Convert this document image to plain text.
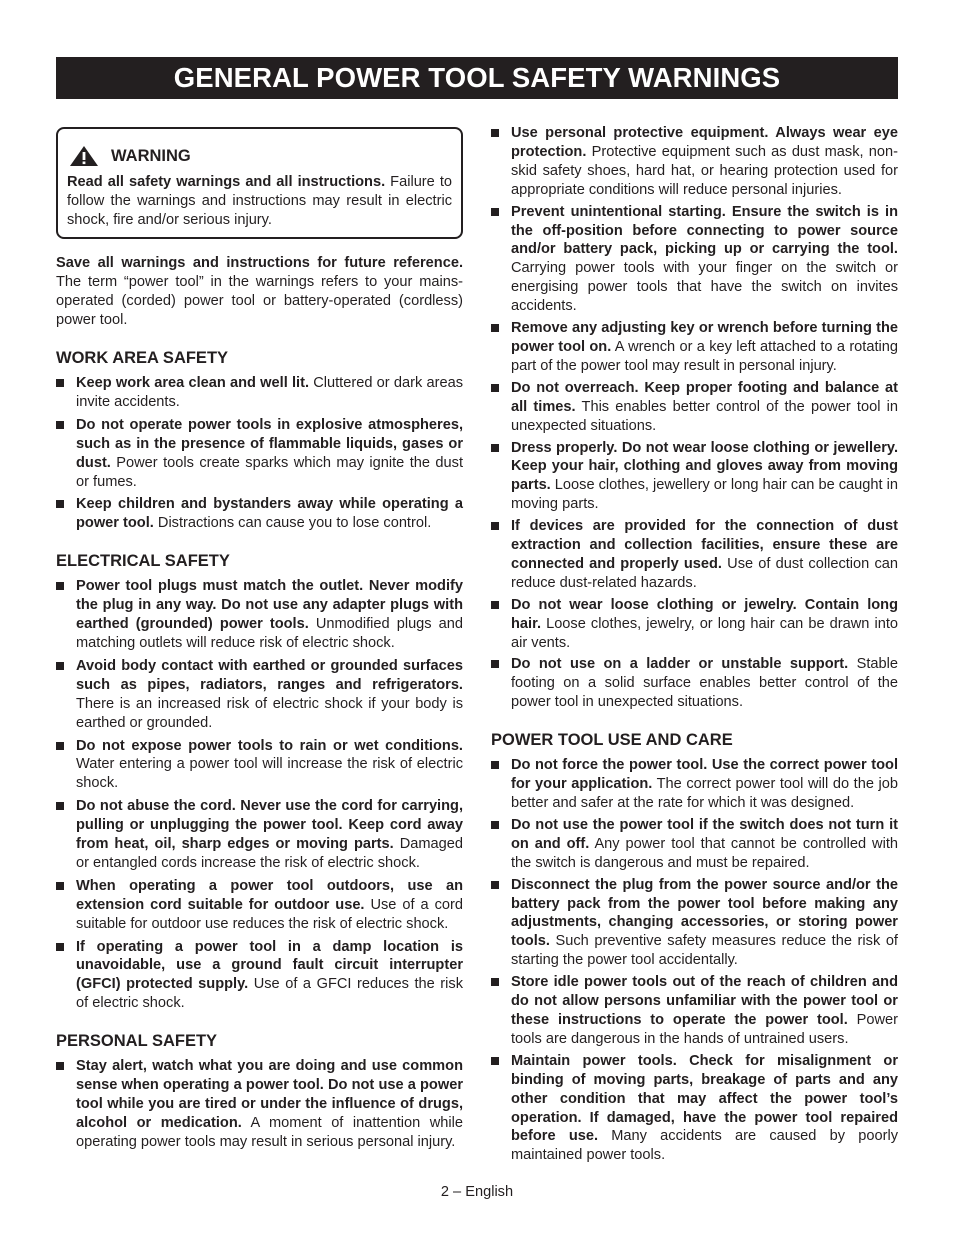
GENERAL POWER TOOL SAFETY WARNINGS
WARNING
Read all safety warnings and all instructions. Failure to follow the warnings and instructions may result in electric shock, fire and/or serious injury.
Save all warnings and instructions for future reference. The term “power tool” in the warnings refers to your mains-operated (corded) power tool or battery-operated (cordless) power tool.
WORK AREA SAFETY
Keep work area clean and well lit. Cluttered or dark areas invite accidents.
Do not operate power tools in explosive atmospheres, such as in the presence of flammable liquids, gases or dust. Power tools create sparks which may ignite the dust or fumes.
Keep children and bystanders away while operating a power tool. Distractions can cause you to lose control.
ELECTRICAL SAFETY
Power tool plugs must match the outlet. Never modify the plug in any way. Do not use any adapter plugs with earthed (grounded) power tools. Unmodified plugs and matching outlets will reduce risk of electric shock.
Avoid body contact with earthed or grounded surfaces such as pipes, radiators, ranges and refrigerators. There is an increased risk of electric shock if your body is earthed or grounded.
Do not expose power tools to rain or wet conditions. Water entering a power tool will increase the risk of electric shock.
Do not abuse the cord. Never use the cord for carrying, pulling or unplugging the power tool. Keep cord away from heat, oil, sharp edges or moving parts. Damaged or entangled cords increase the risk of electric shock.
When operating a power tool outdoors, use an extension cord suitable for outdoor use. Use of a cord suitable for outdoor use reduces the risk of electric shock.
If operating a power tool in a damp location is unavoidable, use a ground fault circuit interrupter (GFCI) protected supply. Use of a GFCI reduces the risk of electric shock.
PERSONAL SAFETY
Stay alert, watch what you are doing and use common sense when operating a power tool. Do not use a power tool while you are tired or under the influence of drugs, alcohol or medication. A moment of inattention while operating power tools may result in serious personal injury.
Use personal protective equipment. Always wear eye protection. Protective equipment such as dust mask, non-skid safety shoes, hard hat, or hearing protection used for appropriate conditions will reduce personal injuries.
Prevent unintentional starting. Ensure the switch is in the off-position before connecting to power source and/or battery pack, picking up or carrying the tool. Carrying power tools with your finger on the switch or energising power tools that have the switch on invites accidents.
Remove any adjusting key or wrench before turning the power tool on. A wrench or a key left attached to a rotating part of the power tool may result in personal injury.
Do not overreach. Keep proper footing and balance at all times. This enables better control of the power tool in unexpected situations.
Dress properly. Do not wear loose clothing or jewellery. Keep your hair, clothing and gloves away from moving parts. Loose clothes, jewellery or long hair can be caught in moving parts.
If devices are provided for the connection of dust extraction and collection facilities, ensure these are connected and properly used. Use of dust collection can reduce dust-related hazards.
Do not wear loose clothing or jewelry. Contain long hair. Loose clothes, jewelry, or long hair can be drawn into air vents.
Do not use on a ladder or unstable support. Stable footing on a solid surface enables better control of the power tool in unexpected situations.
POWER TOOL USE AND CARE
Do not force the power tool. Use the correct power tool for your application. The correct power tool will do the job better and safer at the rate for which it was designed.
Do not use the power tool if the switch does not turn it on and off. Any power tool that cannot be controlled with the switch is dangerous and must be repaired.
Disconnect the plug from the power source and/or the battery pack from the power tool before making any adjustments, changing accessories, or storing power tools. Such preventive safety measures reduce the risk of starting the power tool accidentally.
Store idle power tools out of the reach of children and do not allow persons unfamiliar with the power tool or these instructions to operate the power tool. Power tools are dangerous in the hands of untrained users.
Maintain power tools. Check for misalignment or binding of moving parts, breakage of parts and any other condition that may affect the power tool’s operation. If damaged, have the power tool repaired before use. Many accidents are caused by poorly maintained power tools.
2 – English
